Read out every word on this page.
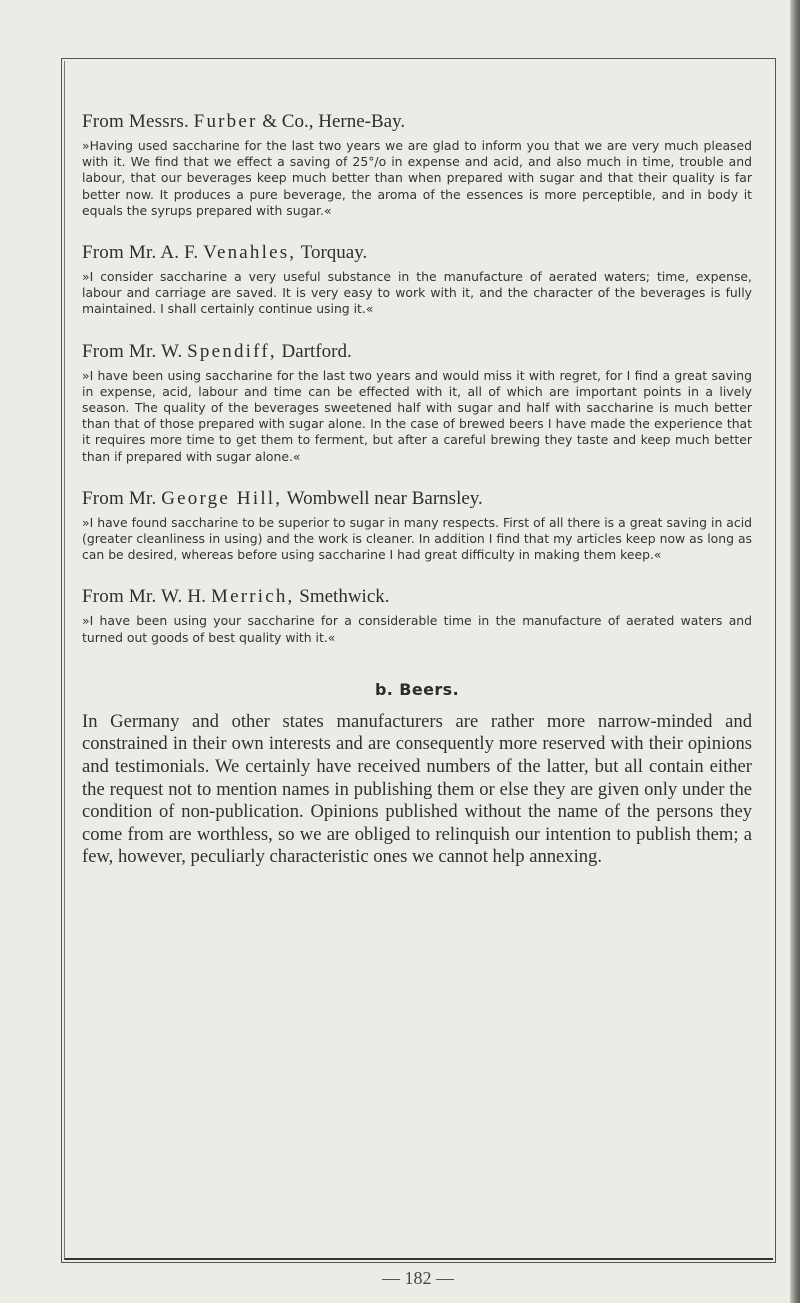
From Messrs. Furber & Co., Herne-Bay.

»Having used saccharine for the last two years we are glad to inform you that we are very much pleased with it. We find that we effect a saving of 25°/o in expense and acid, and also much in time, trouble and labour, that our beverages keep much better than when prepared with sugar and that their quality is far better now. It produces a pure beverage, the aroma of the essences is more perceptible, and in body it equals the syrups prepared with sugar.«

From Mr. A. F. Venahles, Torquay.

»I consider saccharine a very useful substance in the manufacture of aerated waters; time, expense, labour and carriage are saved. It is very easy to work with it, and the character of the beverages is fully maintained. I shall certainly continue using it.«

From Mr. W. Spendiff, Dartford.

»I have been using saccharine for the last two years and would miss it with regret, for I find a great saving in expense, acid, labour and time can be effected with it, all of which are important points in a lively season. The quality of the beverages sweetened half with sugar and half with saccharine is much better than that of those prepared with sugar alone. In the case of brewed beers I have made the experience that it requires more time to get them to ferment, but after a careful brewing they taste and keep much better than if prepared with sugar alone.«

From Mr. George Hill, Wombwell near Barnsley.

»I have found saccharine to be superior to sugar in many respects. First of all there is a great saving in acid (greater cleanliness in using) and the work is cleaner. In addition I find that my articles keep now as long as can be desired, whereas before using saccharine I had great difficulty in making them keep.«

From Mr. W. H. Merrich, Smethwick.

»I have been using your saccharine for a considerable time in the manufacture of aerated waters and turned out goods of best quality with it.«

b. Beers.

In Germany and other states manufacturers are rather more narrow-minded and constrained in their own interests and are consequently more reserved with their opinions and testimonials. We certainly have received numbers of the latter, but all contain either the request not to mention names in publishing them or else they are given only under the condition of non-publication. Opinions published without the name of the persons they come from are worthless, so we are obliged to relinquish our intention to publish them; a few, however, peculiarly characteristic ones we cannot help annexing.

— 182 —
